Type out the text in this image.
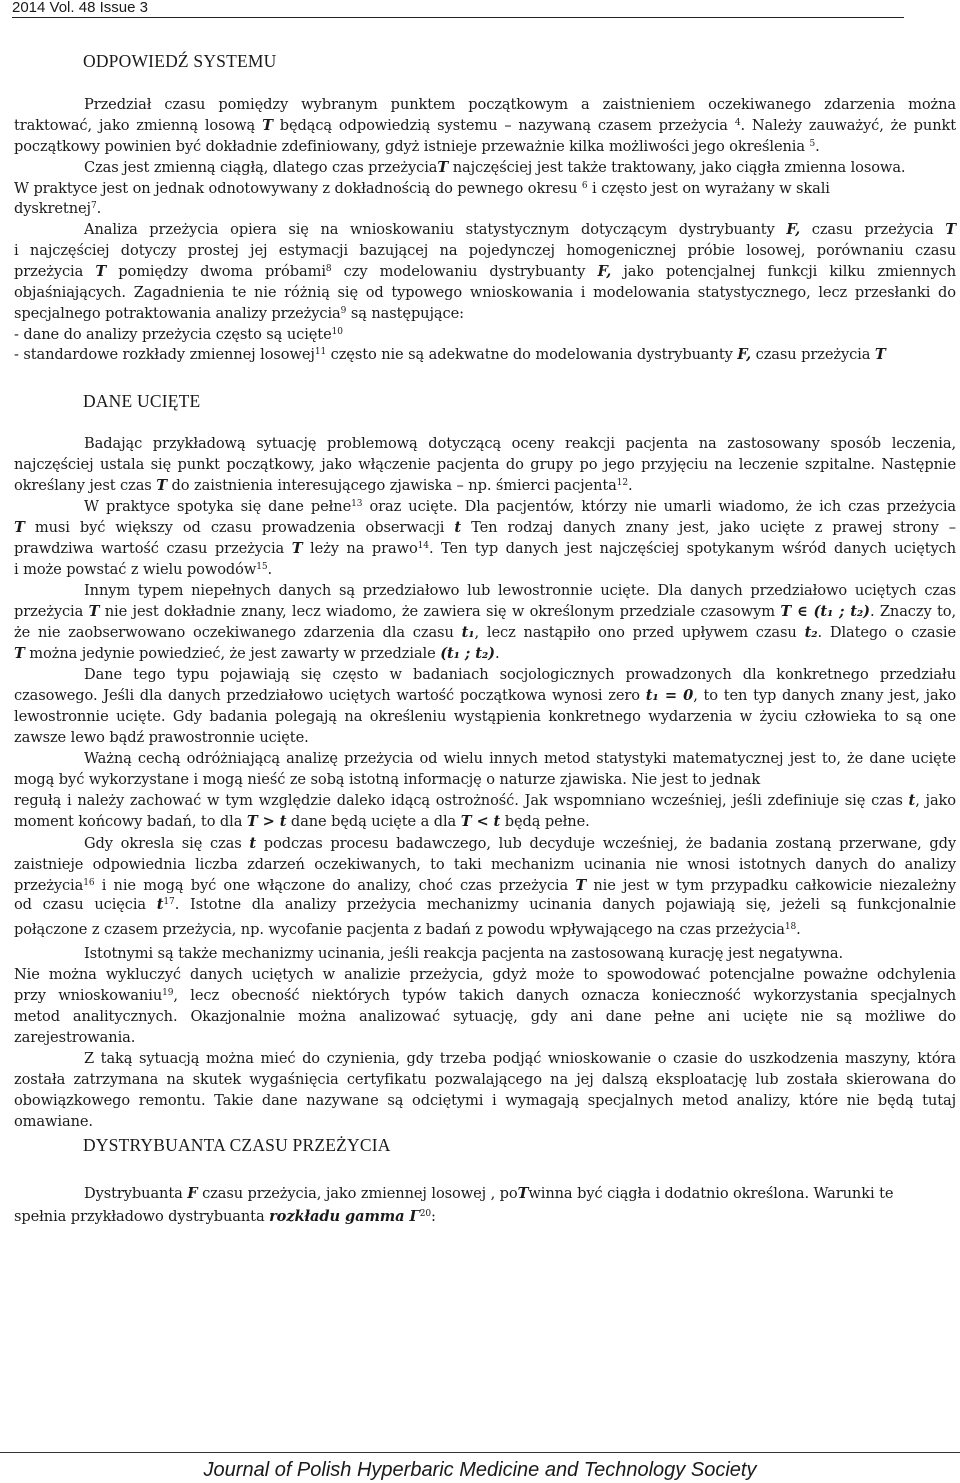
2014 Vol. 48 Issue 3
ODPOWIEDŹ SYSTEMU
Przedział czasu pomiędzy wybranym punktem początkowym a zaistnieniem oczekiwanego zdarzenia można
traktować, jako zmienną losową T będącą odpowiedzią systemu – nazywaną czasem przeżycia $^4$. Należy zauważyć, że punkt
początkowy powinien być dokładnie zdefiniowany, gdyż istnieje przeważnie kilka możliwości jego określenia $^5$.
Czas jest zmienną ciągłą, dlatego czas przeżyciaT najczęściej jest także traktowany, jako ciągła zmienna losowa.
W praktyce jest on jednak odnotowywany z dokładnością do pewnego okresu $^6$ i często jest on wyrażany w skali
dyskretnej$^7$.
Analiza przeżycia opiera się na wnioskowaniu statystycznym dotyczącym dystrybuanty F, czasu przeżycia T
i najczęściej dotyczy prostej jej estymacji bazującej na pojedynczej homogenicznej próbie losowej, porównaniu czasu
przeżycia T pomiędzy dwoma próbami$^8$ czy modelowaniu dystrybuanty F, jako potencjalnej funkcji kilku zmiennych
objaśniających. Zagadnienia te nie różnią się od typowego wnioskowania i modelowania statystycznego, lecz przesłanki do
specjalnego potraktowania analizy przeżycia$^9$ są następujące:
- dane do analizy przeżycia często są ucięte$^{10}$
- standardowe rozkłady zmiennej losowej$^{11}$ często nie są adekwatne do modelowania dystrybuanty F, czasu przeżycia T
DANE UCIĘTE
Badając przykładową sytuację problemową dotyczącą oceny reakcji pacjenta na zastosowany sposób leczenia,
najczęściej ustala się punkt początkowy, jako włączenie pacjenta do grupy po jego przyjęciu na leczenie szpitalne. Następnie
określany jest czas T do zaistnienia interesującego zjawiska – np. śmierci pacjenta$^{12}$.
W praktyce spotyka się dane pełne$^{13}$ oraz ucięte. Dla pacjentów, którzy nie umarli wiadomo, że ich czas przeżycia
T musi być większy od czasu prowadzenia obserwacji t Ten rodzaj danych znany jest, jako ucięte z prawej strony –
prawdziwa wartość czasu przeżycia T leży na prawo$^{14}$. Ten typ danych jest najczęściej spotykanym wśród danych uciętych
i może powstać z wielu powodów$^{15}$.
Innym typem niepełnych danych są przedziałowo lub lewostronnie ucięte. Dla danych przedziałowo uciętych czas
przeżycia T nie jest dokładnie znany, lecz wiadomo, że zawiera się w określonym przedziale czasowym T ∈ (t₁ ; t₂). Znaczy to,
że nie zaobserwowano oczekiwanego zdarzenia dla czasu t₁, lecz nastąpiło ono przed upływem czasu t₂. Dlatego o czasie
T można jedynie powiedzieć, że jest zawarty w przedziale (t₁ ; t₂).
Dane tego typu pojawiają się często w badaniach socjologicznych prowadzonych dla konkretnego przedziału
czasowego. Jeśli dla danych przedziałowo uciętych wartość początkowa wynosi zero t₁ = 0, to ten typ danych znany jest, jako
lewostronnie ucięte. Gdy badania polegają na określeniu wystąpienia konkretnego wydarzenia w życiu człowieka to są one
zawsze lewo bądź prawostronnie ucięte.
Ważną cechą odróżniającą analizę przeżycia od wielu innych metod statystyki matematycznej jest to, że dane ucięte
mogą być wykorzystane i mogą nieść ze sobą istotną informację o naturze zjawiska. Nie jest to jednak
regułą i należy zachować w tym względzie daleko idącą ostrożność. Jak wspomniano wcześniej, jeśli zdefiniuje się czas t, jako
moment końcowy badań, to dla T > t dane będą ucięte a dla T < t będą pełne.
Gdy okresla się czas t podczas procesu badawczego, lub decyduje wcześniej, że badania zostaną przerwane, gdy
zaistnieje odpowiednia liczba zdarzeń oczekiwanych, to taki mechanizm ucinania nie wnosi istotnych danych do analizy
przeżycia$^{16}$ i nie mogą być one włączone do analizy, choć czas przeżycia T nie jest w tym przypadku całkowicie niezależny
od czasu ucięcia $t^{17}$. Istotne dla analizy przeżycia mechanizmy ucinania danych pojawiają się, jeżeli są funkcjonalnie
połączone z czasem przeżycia, np. wycofanie pacjenta z badań z powodu wpływającego na czas przeżycia$^{18}$.
Istotnymi są także mechanizmy ucinania, jeśli reakcja pacjenta na zastosowaną kurację jest negatywna.
Nie można wykluczyć danych uciętych w analizie przeżycia, gdyż może to spowodować potencjalne poważne odchylenia
przy wnioskowaniu$^{19}$, lecz obecność niektórych typów takich danych oznacza konieczność wykorzystania specjalnych
metod analitycznych. Okazjonalnie można analizować sytuację, gdy ani dane pełne ani ucięte nie są możliwe do
zarejestrowania.
Z taką sytuacją można mieć do czynienia, gdy trzeba podjąć wnioskowanie o czasie do uszkodzenia maszyny, która
została zatrzymana na skutek wygaśnięcia certyfikatu pozwalającego na jej dalszą eksploatację lub została skierowana do
obowiązkowego remontu. Takie dane nazywane są odciętymi i wymagają specjalnych metod analizy, które nie będą tutaj
omawiane.
DYSTRYBUANTA CZASU PRZEŻYCIA
Dystrybuanta F czasu przeżycia, jako zmiennej losowej , poTwinna być ciągła i dodatnio określona. Warunki te
spełnia przykładowo dystrybuanta rozkładu gamma $\Gamma^{20}$:
Journal of Polish Hyperbaric Medicine and Technology Society
